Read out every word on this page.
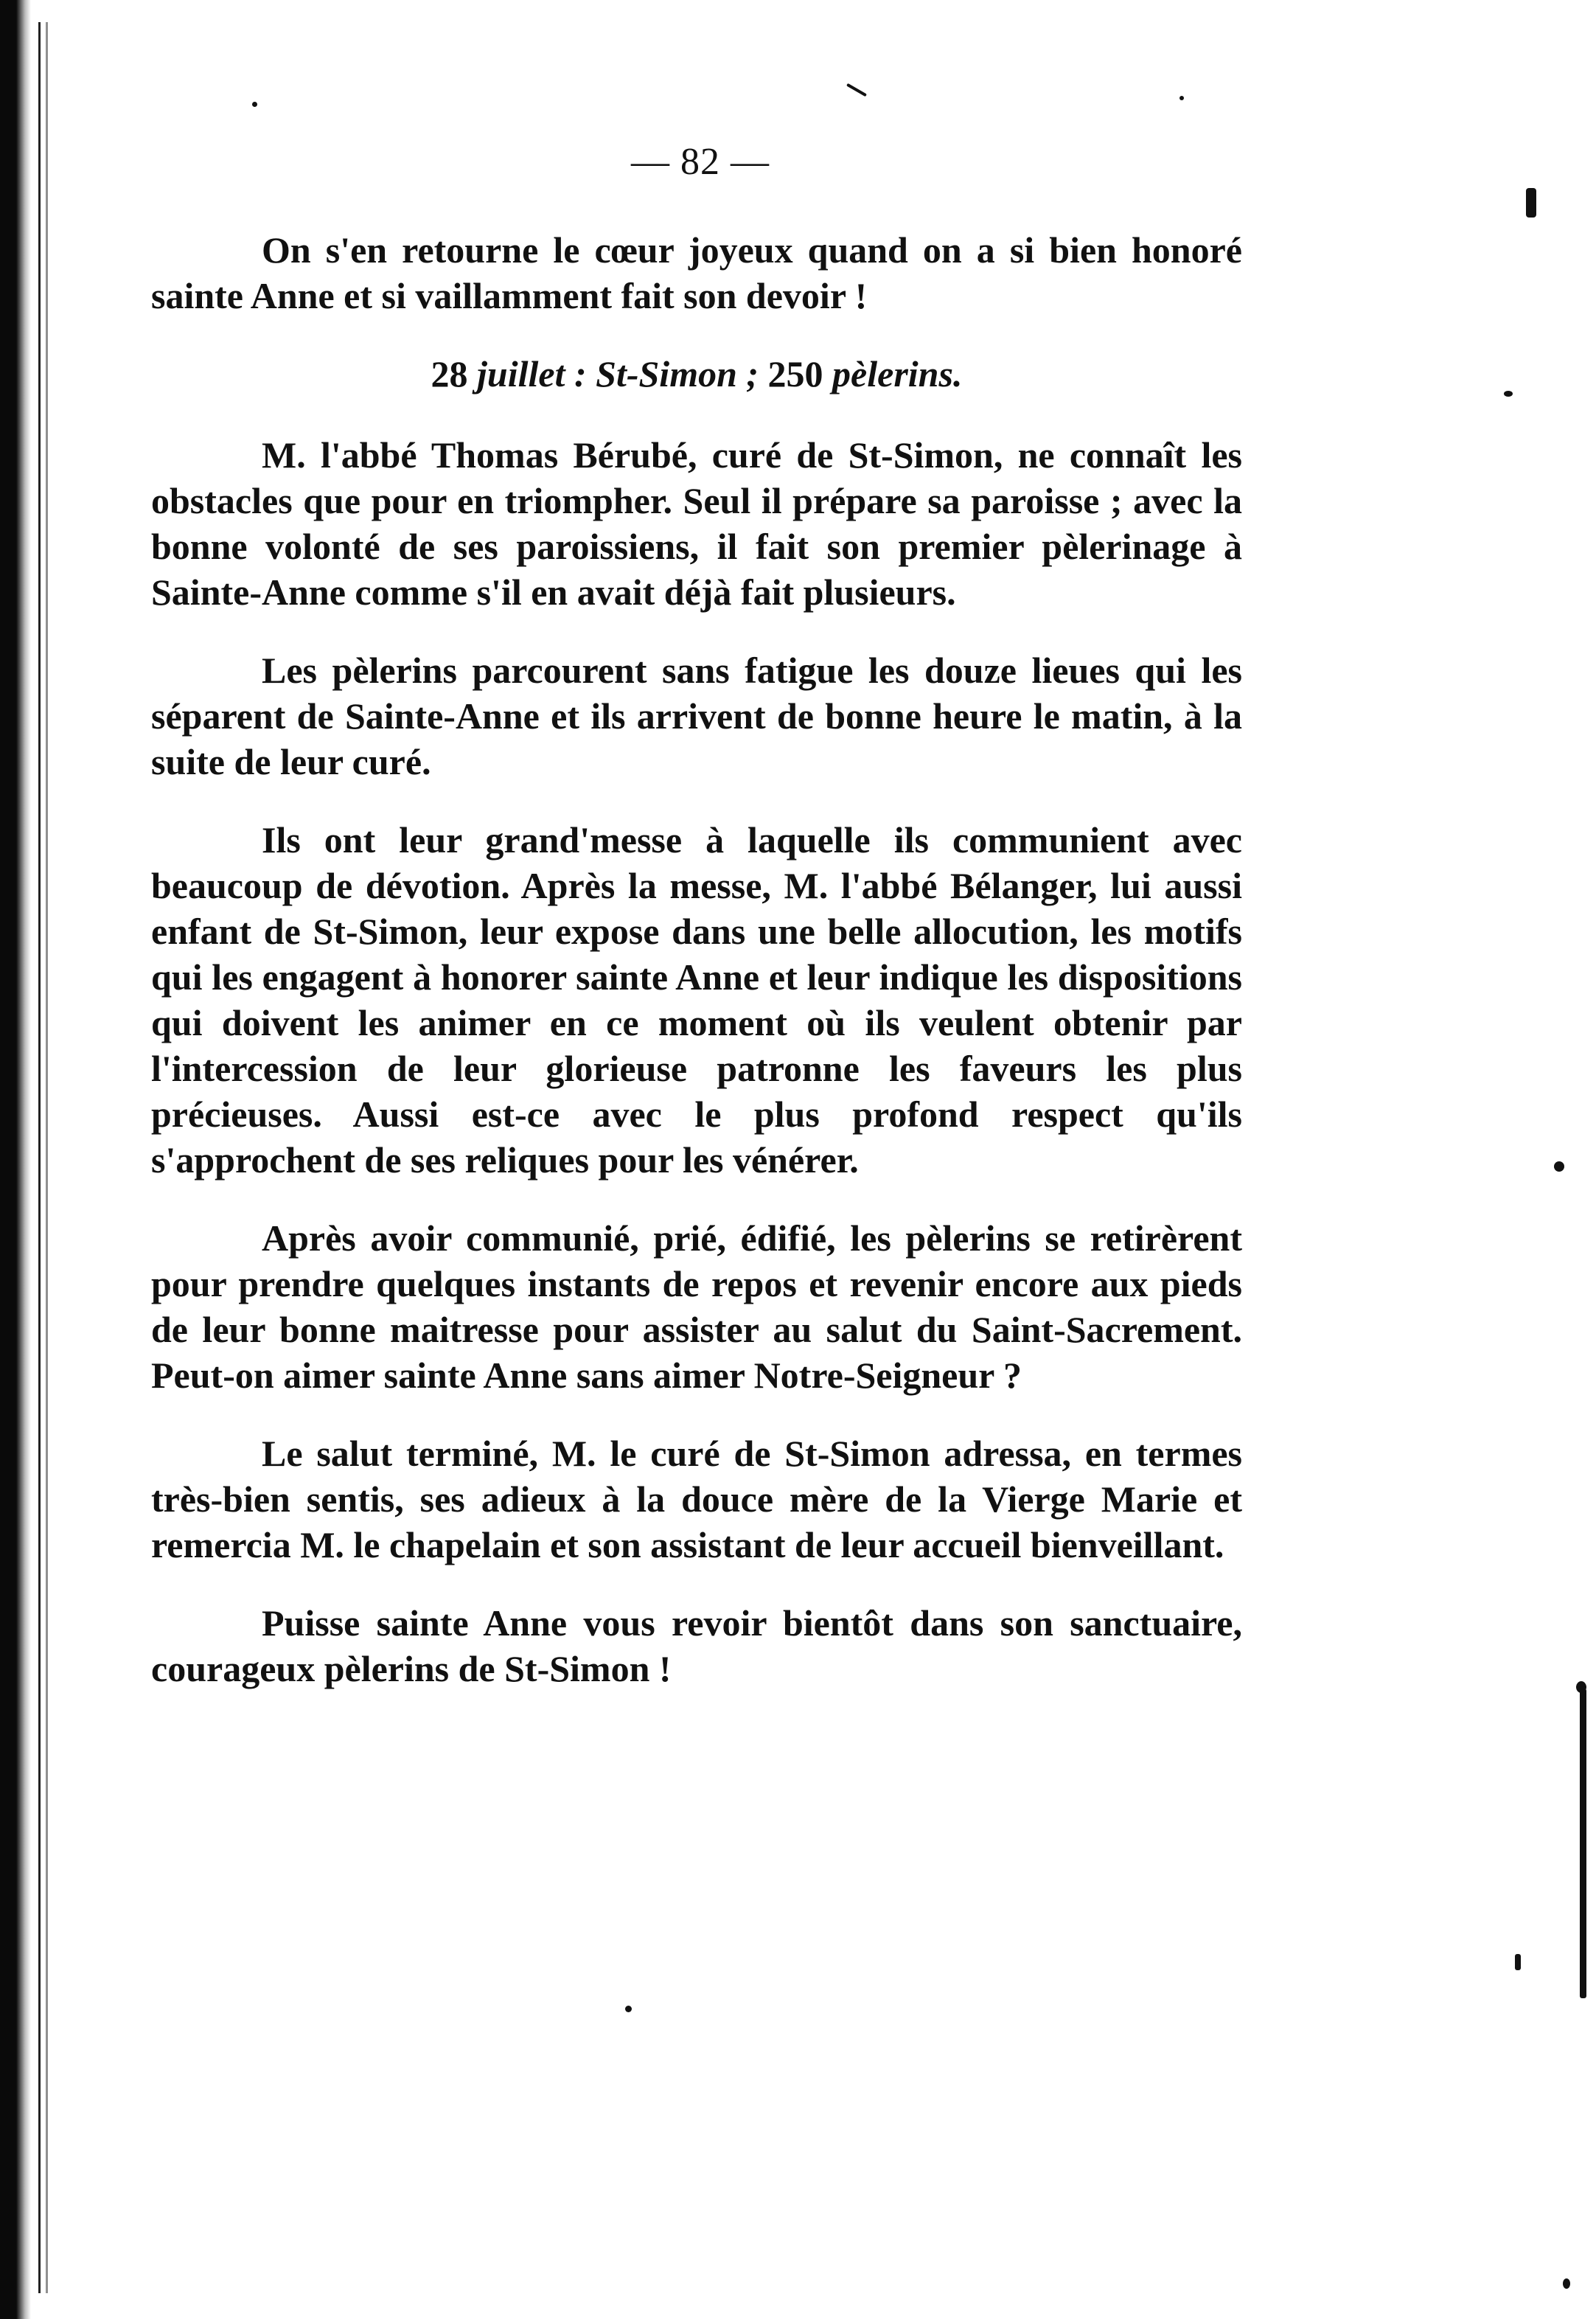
— 82 —

On s'en retourne le cœur joyeux quand on a si bien honoré sainte Anne et si vaillamment fait son devoir !

28 juillet : St-Simon ; 250 pèlerins.

M. l'abbé Thomas Bérubé, curé de St-Simon, ne connaît les obstacles que pour en triompher. Seul il prépare sa paroisse ; avec la bonne volonté de ses paroissiens, il fait son premier pèlerinage à Sainte-Anne comme s'il en avait déjà fait plusieurs.

Les pèlerins parcourent sans fatigue les douze lieues qui les séparent de Sainte-Anne et ils arrivent de bonne heure le matin, à la suite de leur curé.

Ils ont leur grand'messe à laquelle ils communient avec beaucoup de dévotion. Après la messe, M. l'abbé Bélanger, lui aussi enfant de St-Simon, leur expose dans une belle allocution, les motifs qui les engagent à honorer sainte Anne et leur indique les dispositions qui doivent les animer en ce moment où ils veulent obtenir par l'intercession de leur glorieuse patronne les faveurs les plus précieuses. Aussi est-ce avec le plus profond respect qu'ils s'approchent de ses reliques pour les vénérer.

Après avoir communié, prié, édifié, les pèlerins se retirèrent pour prendre quelques instants de repos et revenir encore aux pieds de leur bonne maitresse pour assister au salut du Saint-Sacrement. Peut-on aimer sainte Anne sans aimer Notre-Seigneur ?

Le salut terminé, M. le curé de St-Simon adressa, en termes très-bien sentis, ses adieux à la douce mère de la Vierge Marie et remercia M. le chapelain et son assistant de leur accueil bienveillant.

Puisse sainte Anne vous revoir bientôt dans son sanctuaire, courageux pèlerins de St-Simon !
